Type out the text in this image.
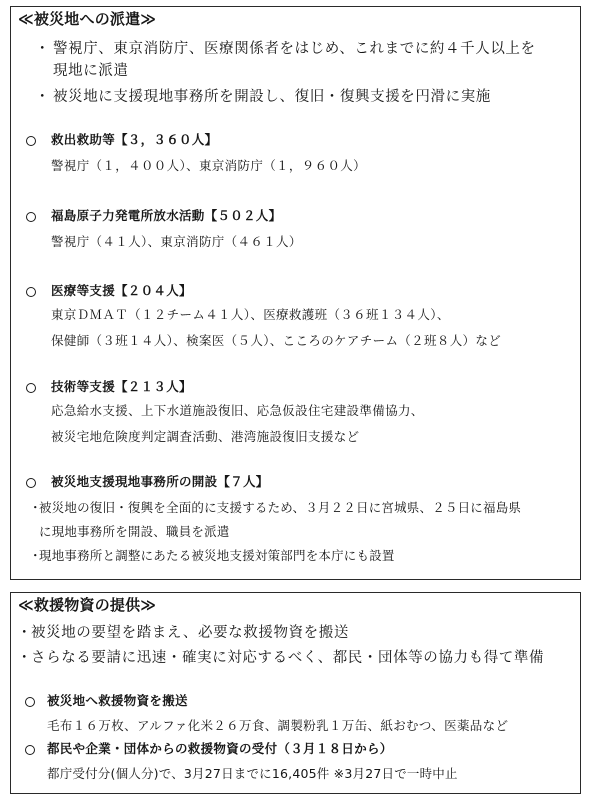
≪被災地への派遣≫
・ 警視庁、東京消防庁、医療関係者をはじめ、これまでに約４千人以上を
現地に派遣
・ 被災地に支援現地事務所を開設し、復旧・復興支援を円滑に実施
救出救助等【３，３６０人】
警視庁（１，４００人）、東京消防庁（１，９６０人）
福島原子力発電所放水活動【５０２人】
警視庁（４１人）、東京消防庁（４６１人）
医療等支援【２０４人】
東京ＤＭＡＴ（１２チーム４１人）、医療救護班（３６班１３４人）、
保健師（３班１４人）、検案医（５人）、こころのケアチーム（２班８人）など
技術等支援【２１３人】
応急給水支援、上下水道施設復旧、応急仮設住宅建設準備協力、
被災宅地危険度判定調査活動、港湾施設復旧支援など
被災地支援現地事務所の開設【７人】
・
被災地の復旧・復興を全面的に支援するため、３月２２日に宮城県、２５日に福島県
に現地事務所を開設、職員を派遣
・
現地事務所と調整にあたる被災地支援対策部門を本庁にも設置
≪救援物資の提供≫
・
被災地の要望を踏まえ、必要な救援物資を搬送
・
さらなる要請に迅速・確実に対応するべく、都民・団体等の協力も得て準備
被災地へ救援物資を搬送
毛布１６万枚、アルファ化米２６万食、調製粉乳１万缶、紙おむつ、医薬品など
都民や企業・団体からの救援物資の受付（３月１８日から）
都庁受付分(個人分)で、3月27日までに16,405件 ※3月27日で一時中止
